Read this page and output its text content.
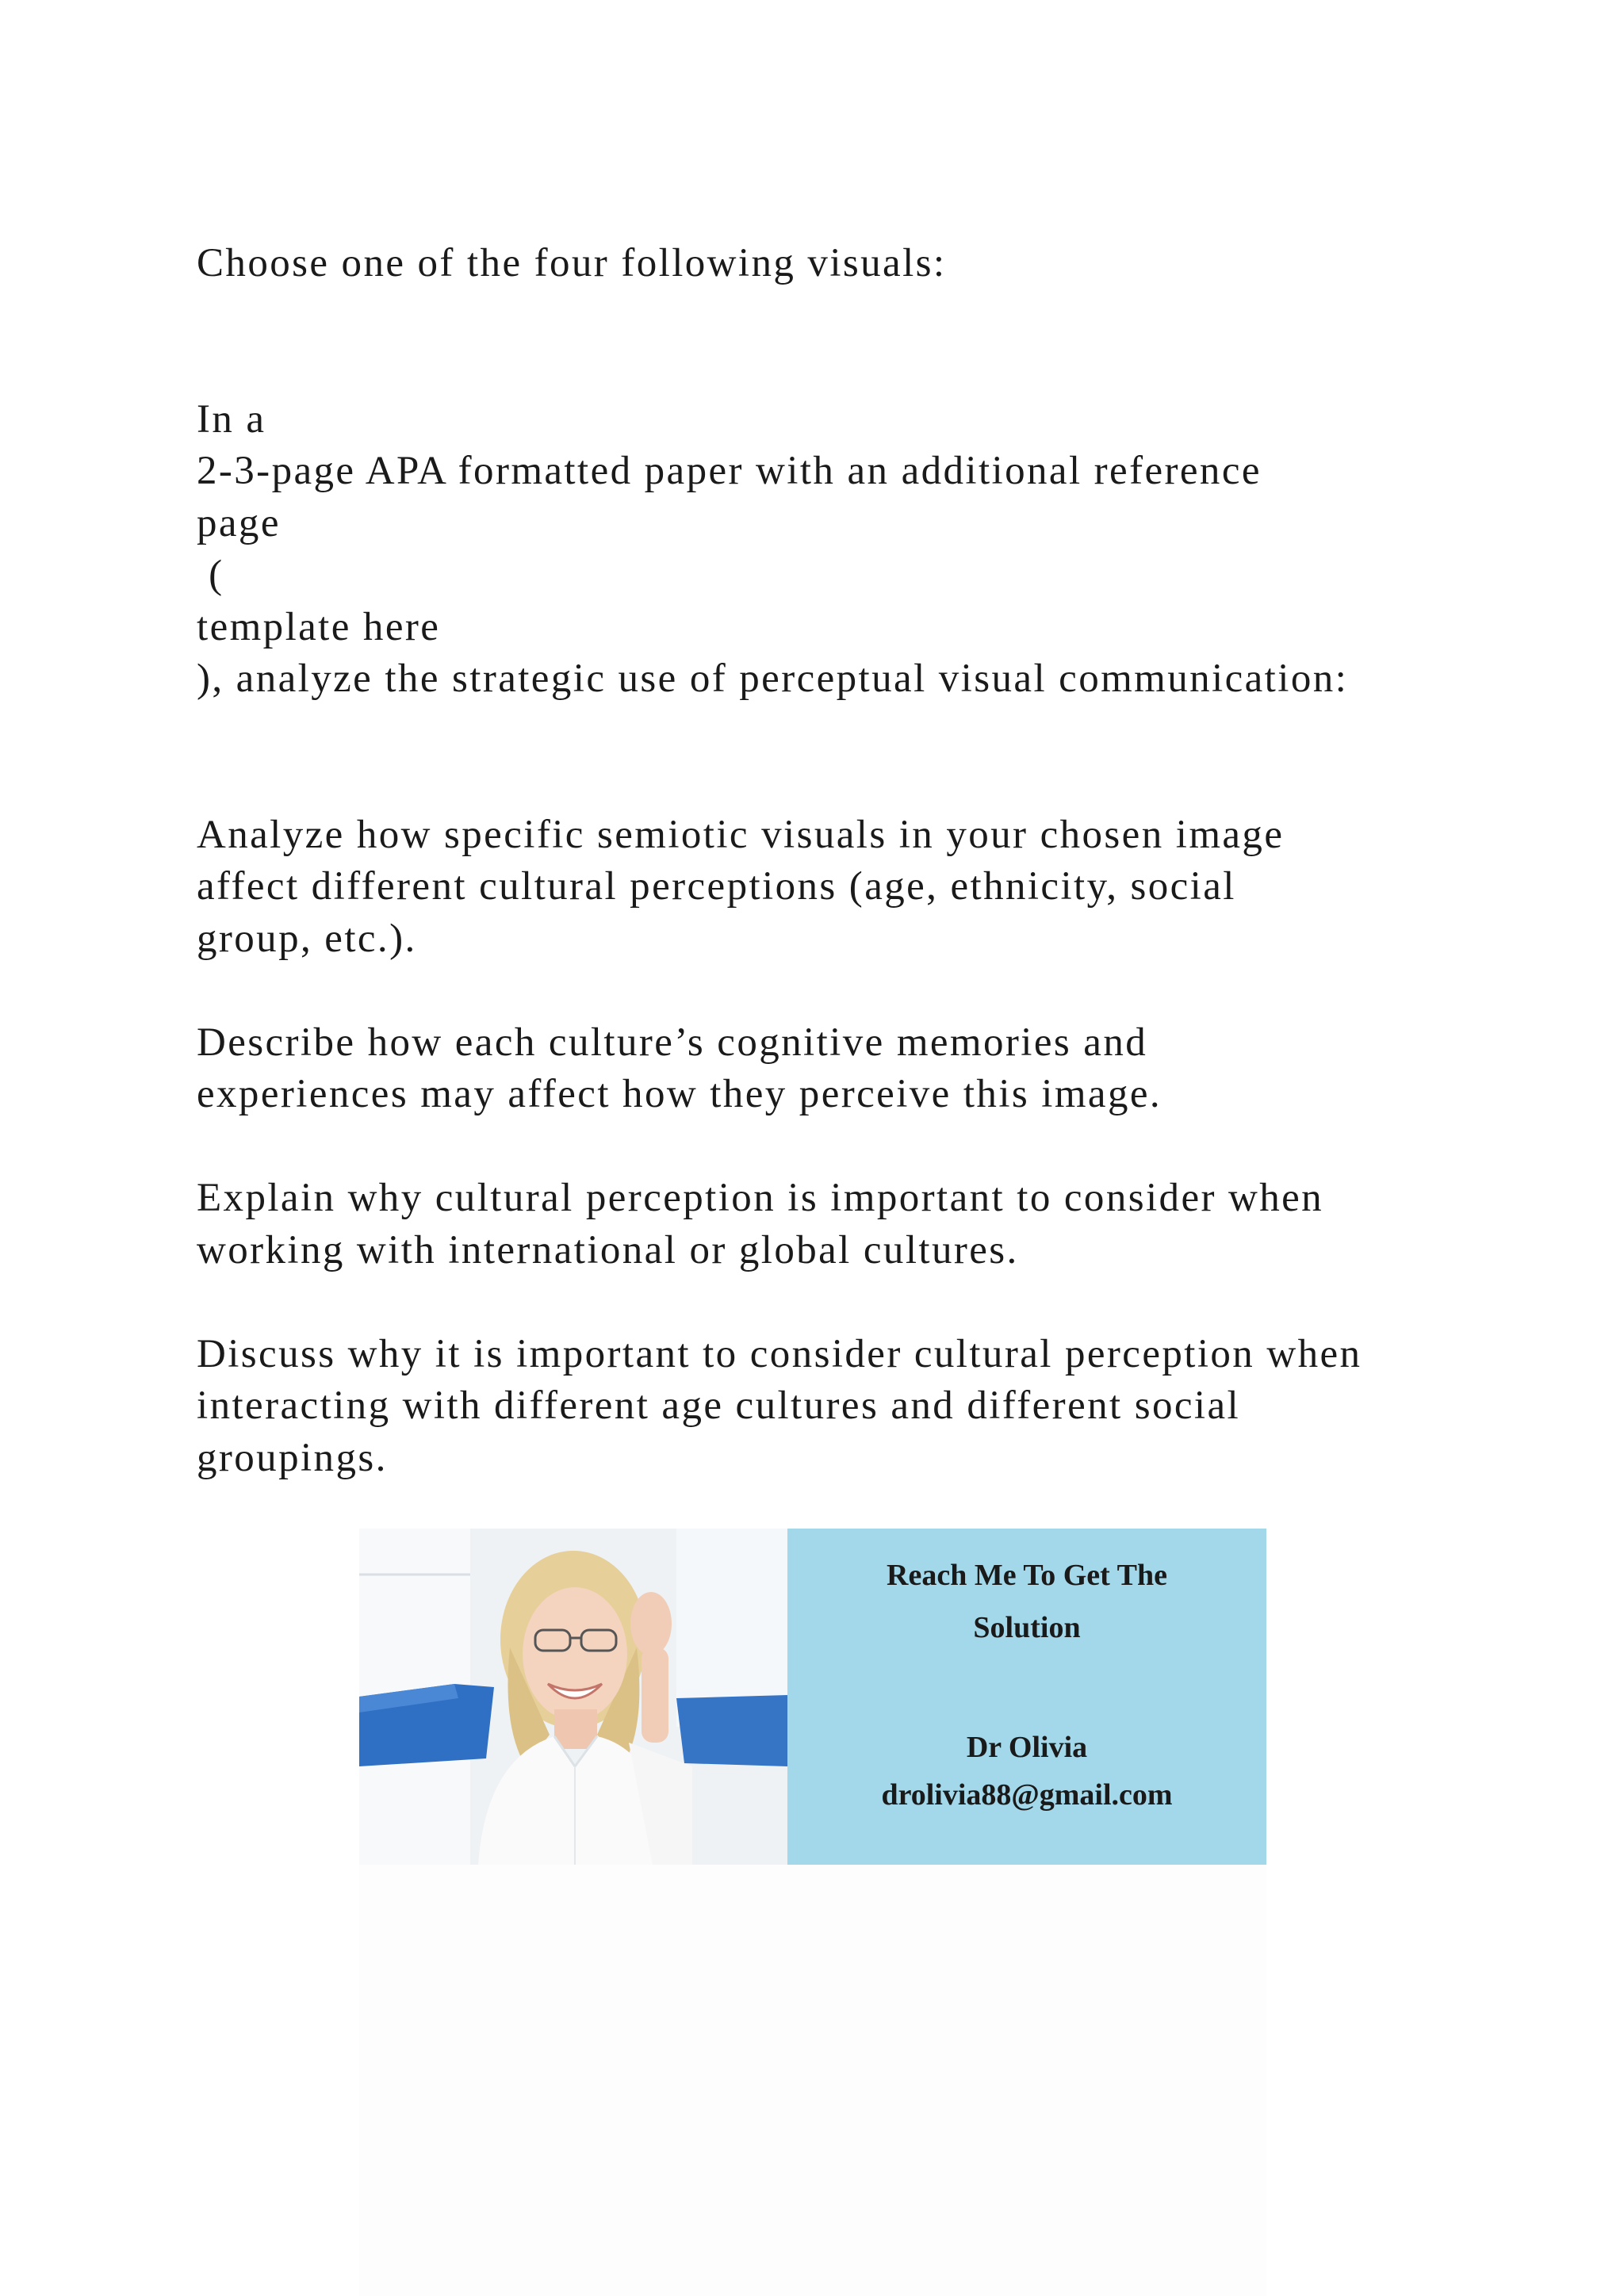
Choose one of the four following visuals:
In a
2-3-page APA formatted paper with an additional reference
page
(
template here
), analyze the strategic use of perceptual visual communication:
Analyze how specific semiotic visuals in your chosen image
affect different cultural perceptions (age, ethnicity, social
group, etc.).
Describe how each culture’s cognitive memories and
experiences may affect how they perceive this image.
Explain why cultural perception is important to consider when
working with international or global cultures.
Discuss why it is important to consider cultural perception when
interacting with different age cultures and different social
groupings.
Reach Me To Get The
Solution
Dr Olivia
drolivia88@gmail.com
